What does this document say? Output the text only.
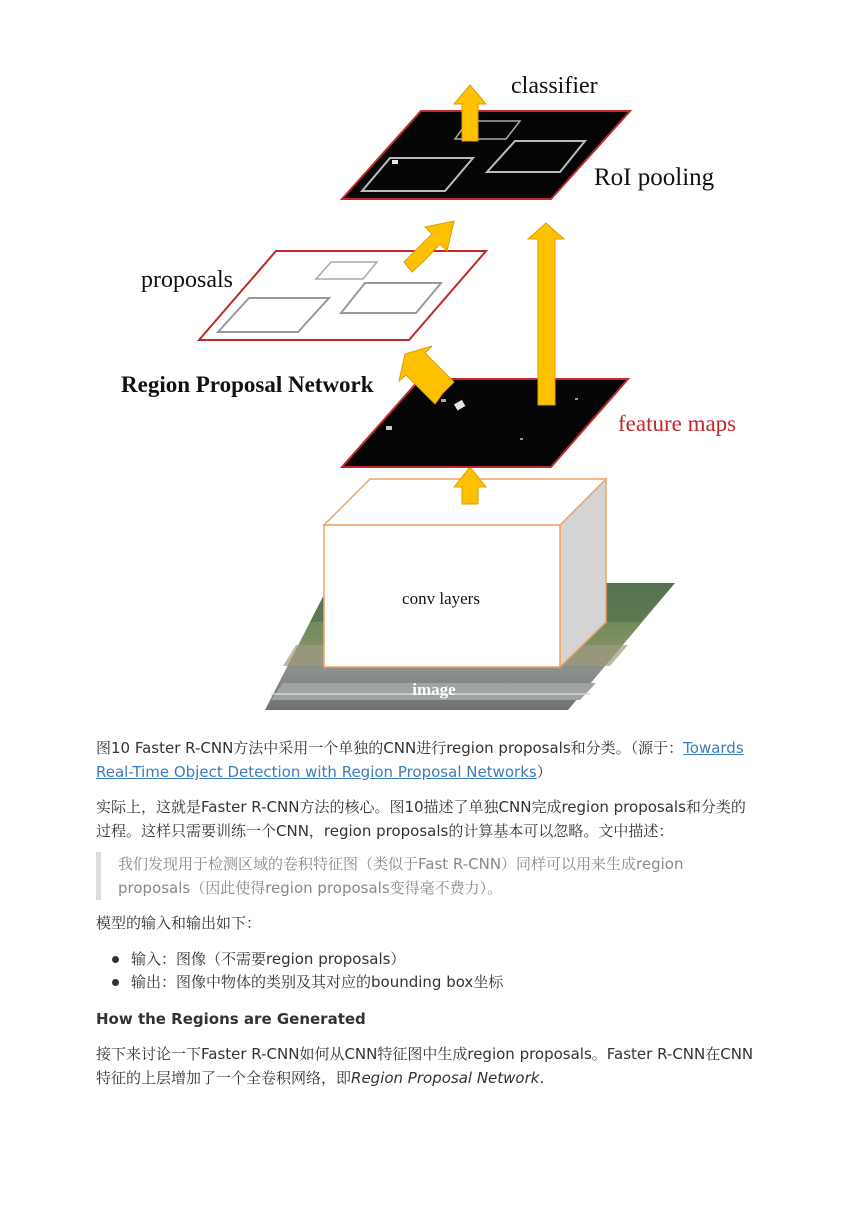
image
conv layers
feature maps
Region Proposal Network
proposals
RoI pooling
classifier
图10 Faster R-CNN方法中采用一个单独的CNN进行region proposals和分类。（源于：Towards
Real-Time Object Detection with Region Proposal Networks）
实际上，这就是Faster R-CNN方法的核心。图10描述了单独CNN完成region proposals和分类的过程。这样只需要训练一个CNN，region proposals的计算基本可以忽略。文中描述：
我们发现用于检测区域的卷积特征图（类似于Fast R-CNN）同样可以用来生成region proposals（因此使得region proposals变得毫不费力）。
模型的输入和输出如下：
输入：图像（不需要region proposals）
输出：图像中物体的类别及其对应的bounding box坐标
How the Regions are Generated
接下来讨论一下Faster R-CNN如何从CNN特征图中生成region proposals。Faster R-CNN在CNN特征的上层增加了一个全卷积网络，即Region Proposal Network.
